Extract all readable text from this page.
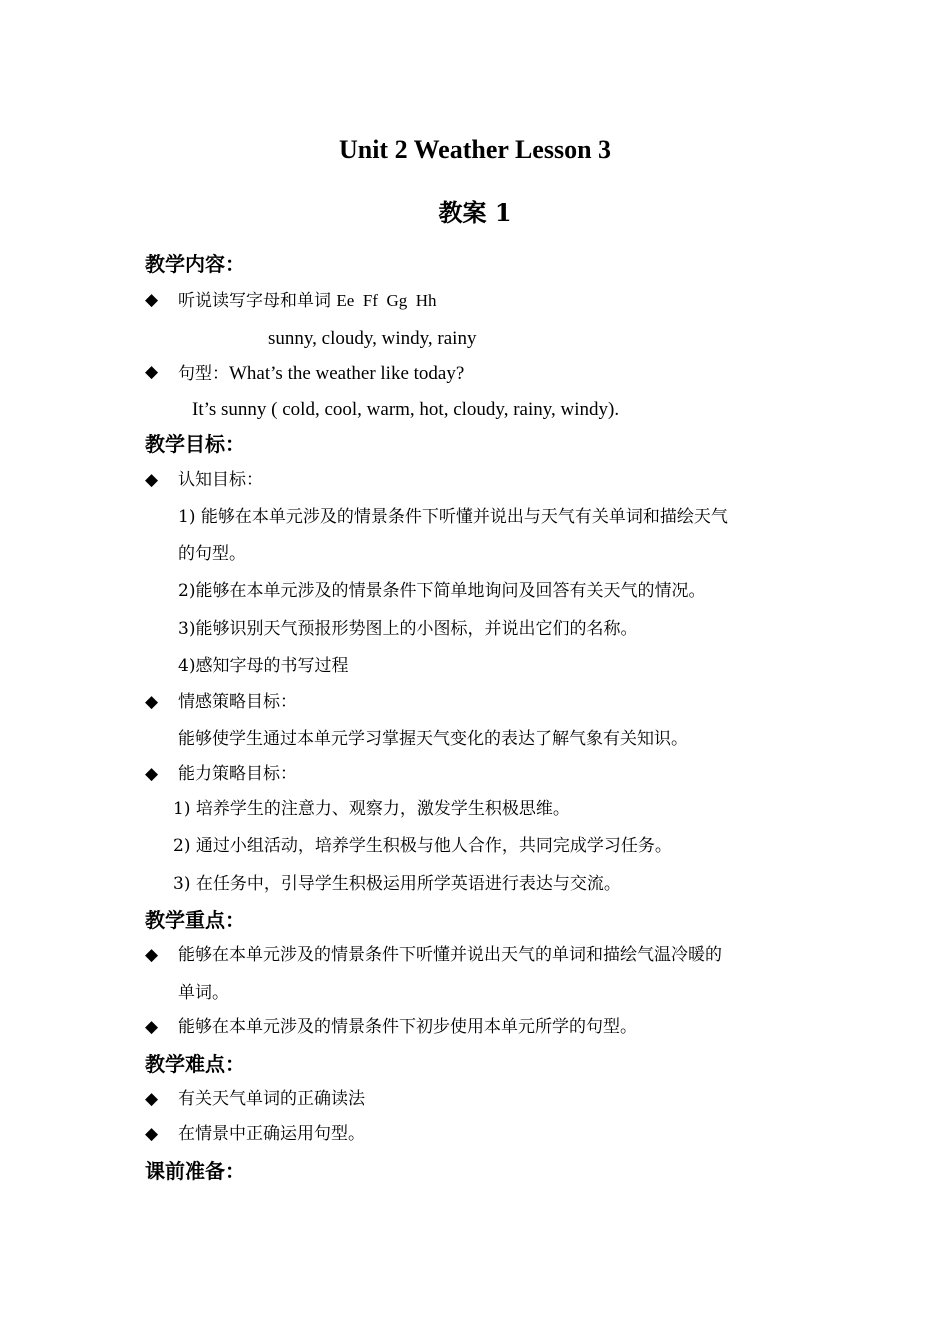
Unit 2 Weather Lesson 3
教案 1
教学内容：
◆ 听说读写字母和单词 Ee  Ff  Gg  Hh
sunny, cloudy, windy, rainy
◆ 句型：What’s the weather like today?
It’s sunny ( cold, cool, warm, hot, cloudy, rainy, windy).
教学目标：
◆ 认知目标：
1) 能够在本单元涉及的情景条件下听懂并说出与天气有关单词和描绘天气
的句型。
2)能够在本单元涉及的情景条件下简单地询问及回答有关天气的情况。
3)能够识别天气预报形势图上的小图标，并说出它们的名称。
4)感知字母的书写过程
◆ 情感策略目标：
能够使学生通过本单元学习掌握天气变化的表达了解气象有关知识。
◆ 能力策略目标：
1) 培养学生的注意力、观察力，激发学生积极思维。
2) 通过小组活动，培养学生积极与他人合作，共同完成学习任务。
3) 在任务中，引导学生积极运用所学英语进行表达与交流。
教学重点：
◆ 能够在本单元涉及的情景条件下听懂并说出天气的单词和描绘气温冷暖的
单词。
◆ 能够在本单元涉及的情景条件下初步使用本单元所学的句型。
教学难点：
◆ 有关天气单词的正确读法
◆ 在情景中正确运用句型。
课前准备：
